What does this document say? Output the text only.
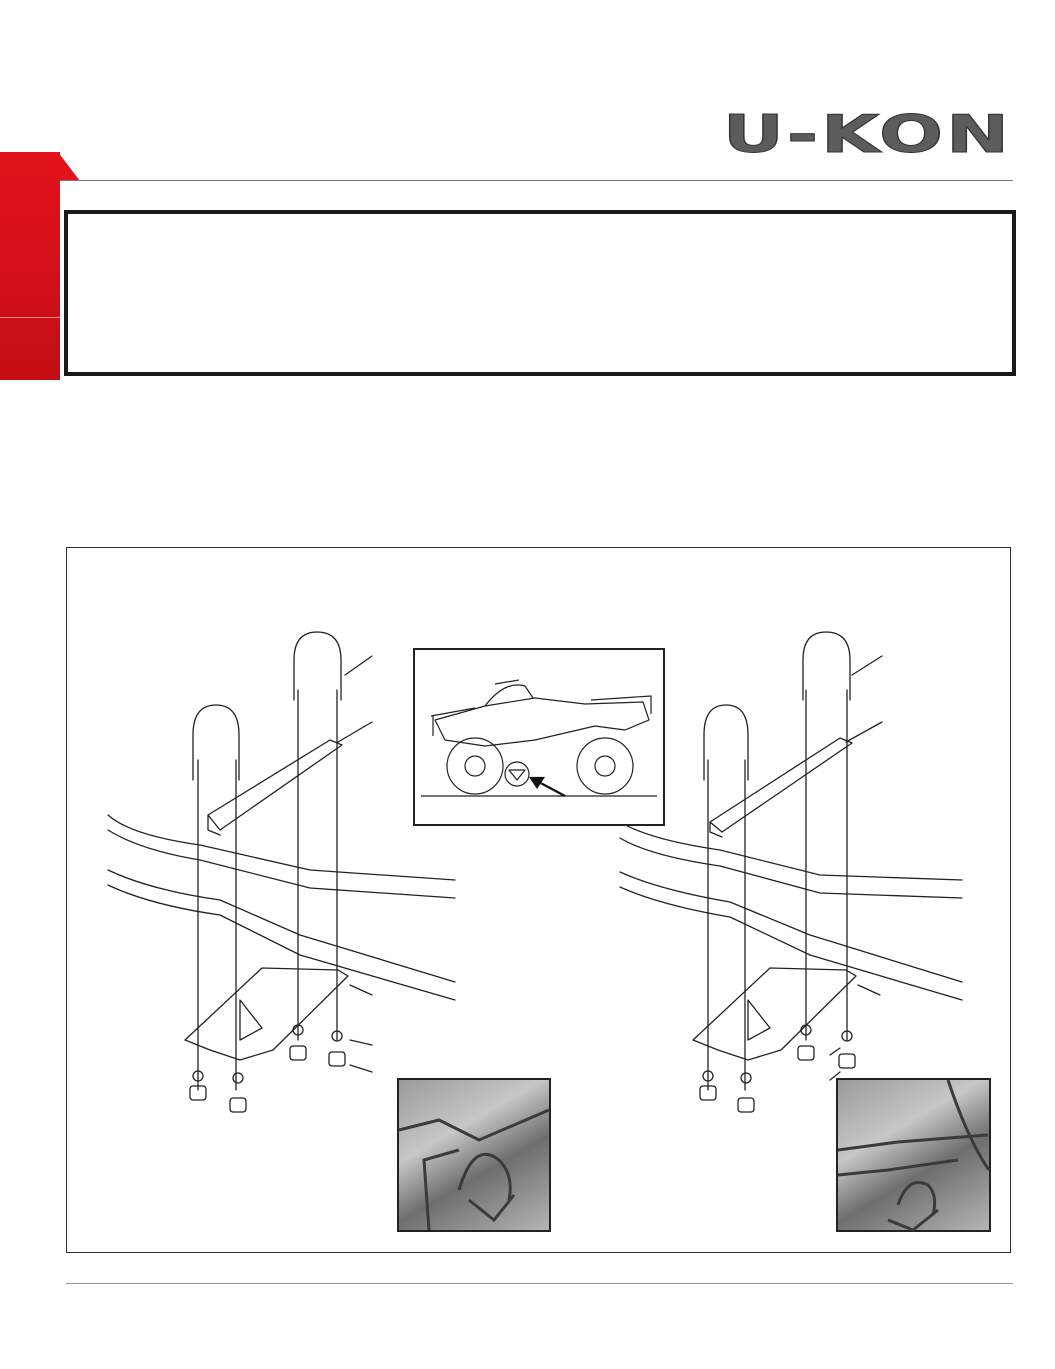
U-KON
